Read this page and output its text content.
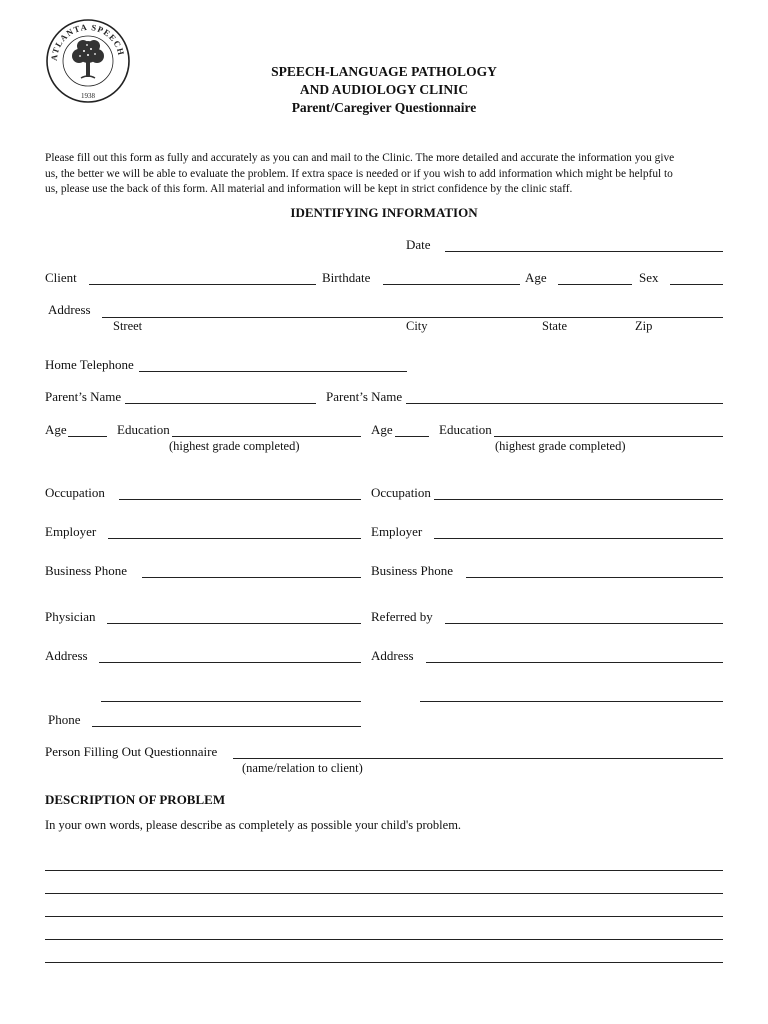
ATLANTA SPEECH
1938
SPEECH-LANGUAGE PATHOLOGY
AND AUDIOLOGY CLINIC
Parent/Caregiver Questionnaire
Please fill out this form as fully and accurately as you can and mail to the Clinic. The more detailed and accurate the information you give
us, the better we will be able to evaluate the problem. If extra space is needed or if you wish to add information which might be helpful to
us, please use the back of this form. All material and information will be kept in strict confidence by the clinic staff.
IDENTIFYING INFORMATION
Date
Client	Birthdate	Age	Sex
Address
Street	City	State	Zip
Home Telephone
Parent’s Name	Parent’s Name
Age	Education
(highest grade completed)
Age	Education
(highest grade completed)
Occupation	Occupation
Employer	Employer
Business Phone	Business Phone
Physician	Referred by
Address	Address
Phone
Person Filling Out Questionnaire
(name/relation to client)
DESCRIPTION OF PROBLEM
In your own words, please describe as completely as possible your child's problem.
